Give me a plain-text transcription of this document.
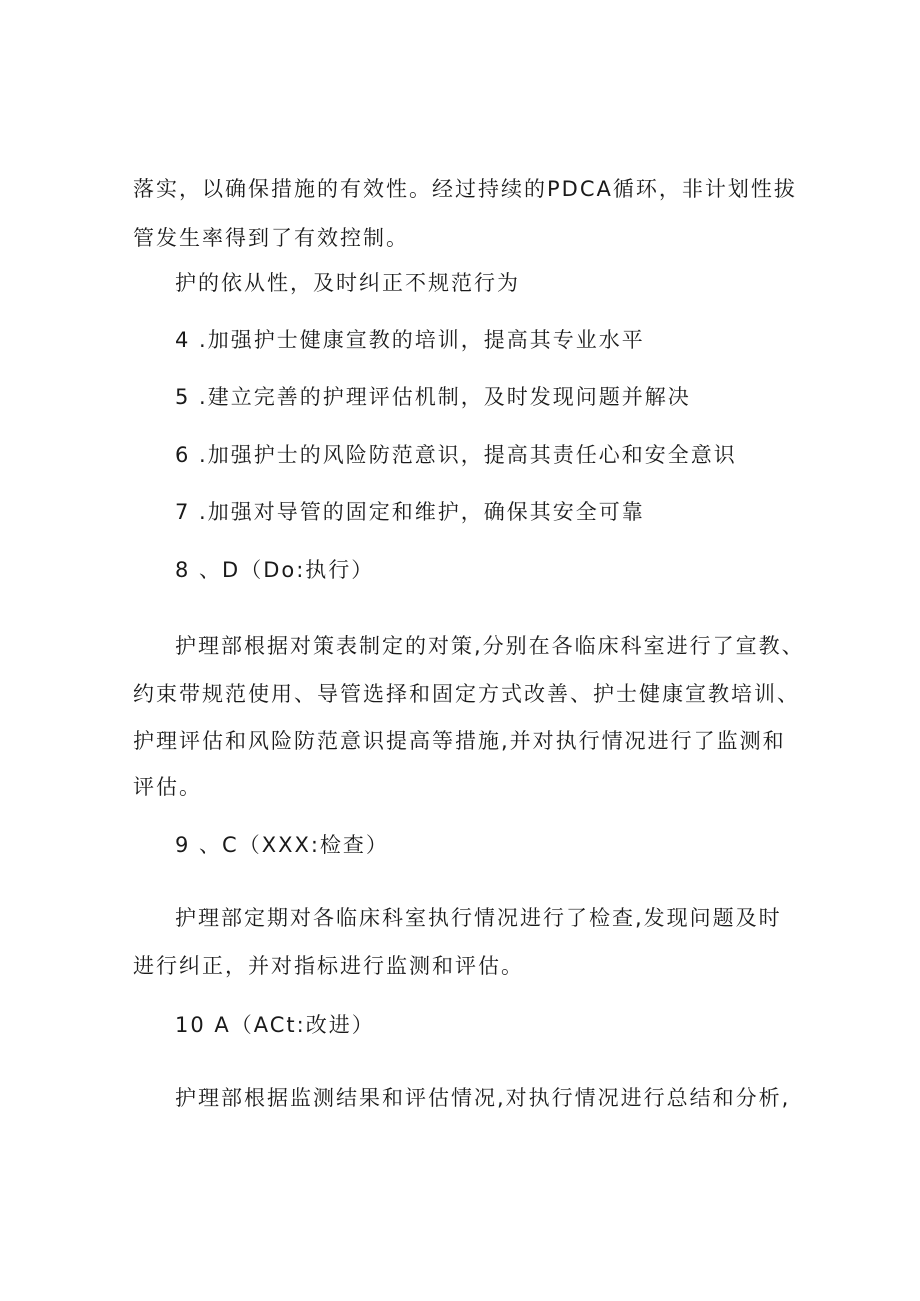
落实，以确保措施的有效性。经过持续的PDCA循环，非计划性拔

管发生率得到了有效控制。

护的依从性，及时纠正不规范行为

4 .加强护士健康宣教的培训，提高其专业水平

5 .建立完善的护理评估机制，及时发现问题并解决

6 .加强护士的风险防范意识，提高其责任心和安全意识

7 .加强对导管的固定和维护，确保其安全可靠

8 、D（Do:执行）

护理部根据对策表制定的对策,分别在各临床科室进行了宣教、

约束带规范使用、导管选择和固定方式改善、护士健康宣教培训、

护理评估和风险防范意识提高等措施,并对执行情况进行了监测和

评估。

9 、C（XXX:检查）

护理部定期对各临床科室执行情况进行了检查,发现问题及时

进行纠正，并对指标进行监测和评估。

10 A（ACt:改进）

护理部根据监测结果和评估情况,对执行情况进行总结和分析,
